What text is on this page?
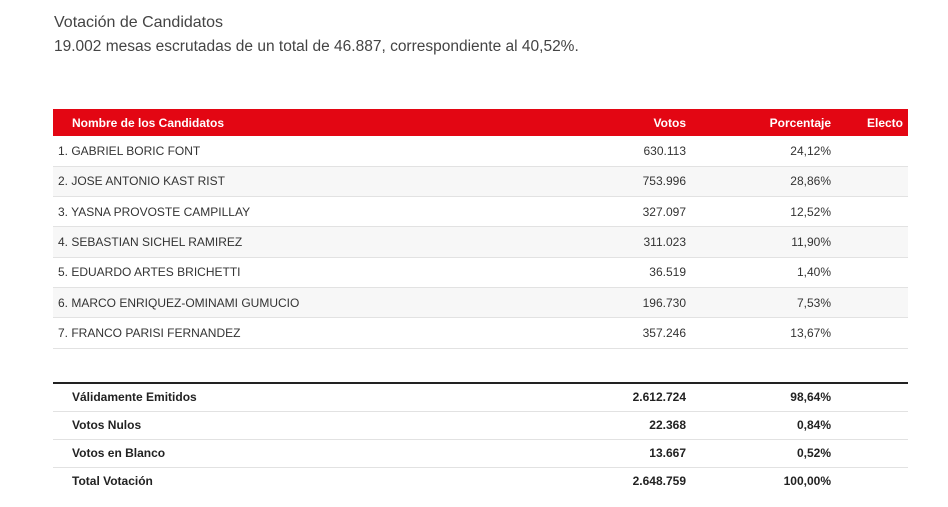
Votación de Candidatos
19.002 mesas escrutadas de un total de 46.887, correspondiente al 40,52%.
Nombre de los Candidatos	Votos	Porcentaje	Electo
1. GABRIEL BORIC FONT	630.113	24,12%	
2. JOSE ANTONIO KAST RIST	753.996	28,86%	
3. YASNA PROVOSTE CAMPILLAY	327.097	12,52%	
4. SEBASTIAN SICHEL RAMIREZ	311.023	11,90%	
5. EDUARDO ARTES BRICHETTI	36.519	1,40%	
6. MARCO ENRIQUEZ-OMINAMI GUMUCIO	196.730	7,53%	
7. FRANCO PARISI FERNANDEZ	357.246	13,67%	
Válidamente Emitidos	2.612.724	98,64%	
Votos Nulos	22.368	0,84%	
Votos en Blanco	13.667	0,52%	
Total Votación	2.648.759	100,00%	
